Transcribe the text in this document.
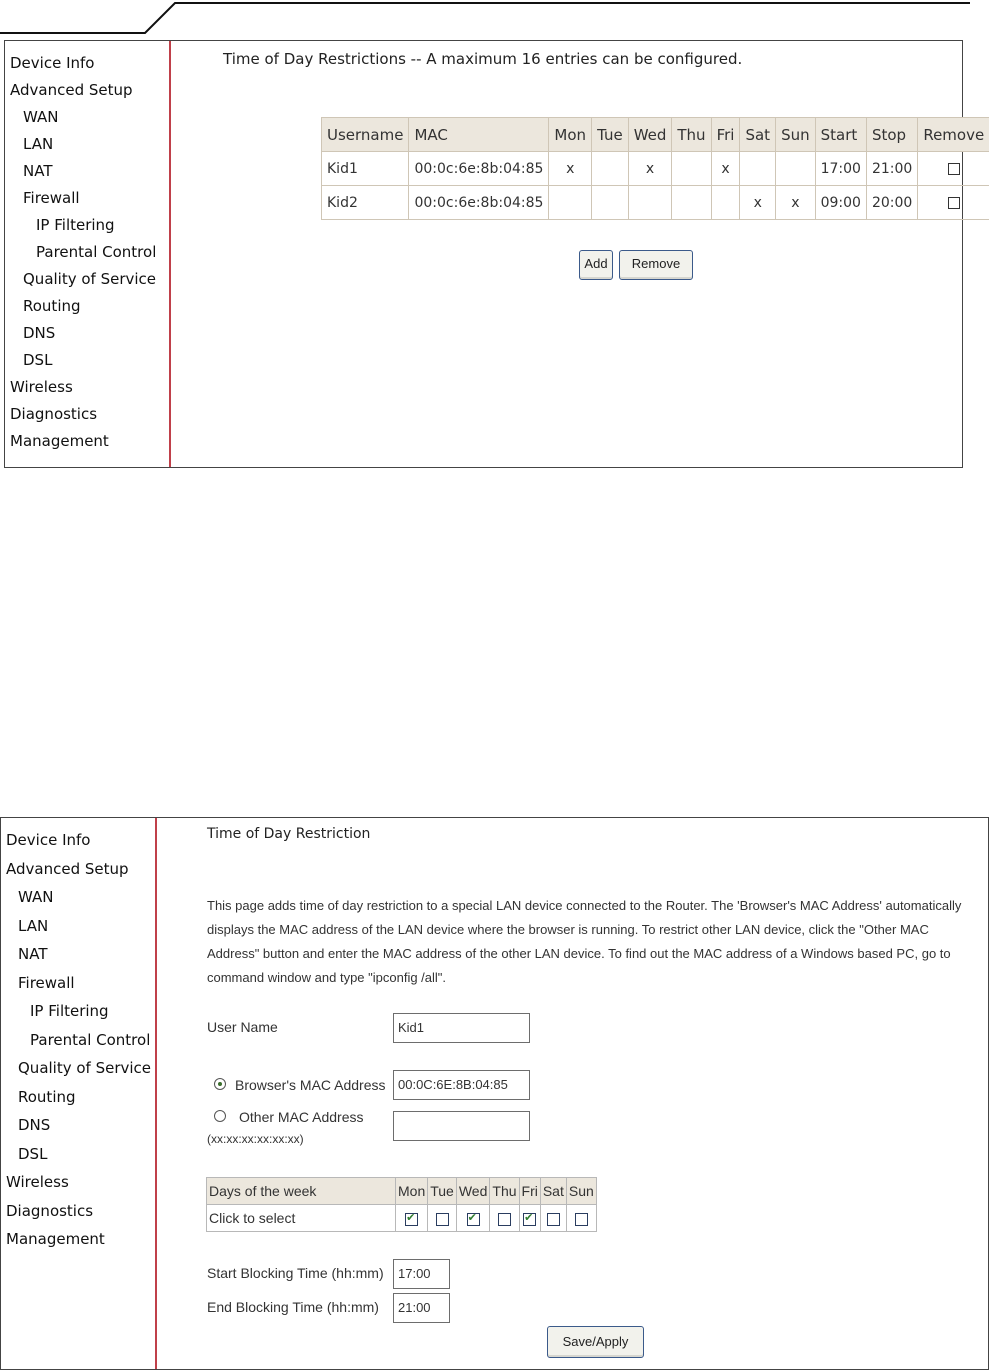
Device Info
Advanced Setup
WAN
LAN
NAT
Firewall
IP Filtering
Parental Control
Quality of Service
Routing
DNS
DSL
Wireless
Diagnostics
Management
Time of Day Restrictions -- A maximum 16 entries can be configured.
Username	MAC	Mon	Tue	Wed	Thu	Fri	Sat	Sun	Start	Stop	Remove
Kid1	00:0c:6e:8b:04:85	x		x		x			17:00	21:00	
Kid2	00:0c:6e:8b:04:85						x	x	09:00	20:00	
Add	Remove
Device Info
Advanced Setup
WAN
LAN
NAT
Firewall
IP Filtering
Parental Control
Quality of Service
Routing
DNS
DSL
Wireless
Diagnostics
Management
Time of Day Restriction
This page adds time of day restriction to a special LAN device connected to the Router. The 'Browser's MAC Address' automatically
displays the MAC address of the LAN device where the browser is running. To restrict other LAN device, click the "Other MAC
Address" button and enter the MAC address of the other LAN device. To find out the MAC address of a Windows based PC, go to
command window and type "ipconfig /all".
User Name	Kid1
Browser's MAC Address 00:0C:6E:8B:04:85
Other MAC Address
(xx:xx:xx:xx:xx:xx)
Days of the week	Mon	Tue	Wed	Thu	Fri	Sat	Sun
Click to select	✔		✔		✔		
Start Blocking Time (hh:mm)	17:00
End Blocking Time (hh:mm)	21:00
Save/Apply
